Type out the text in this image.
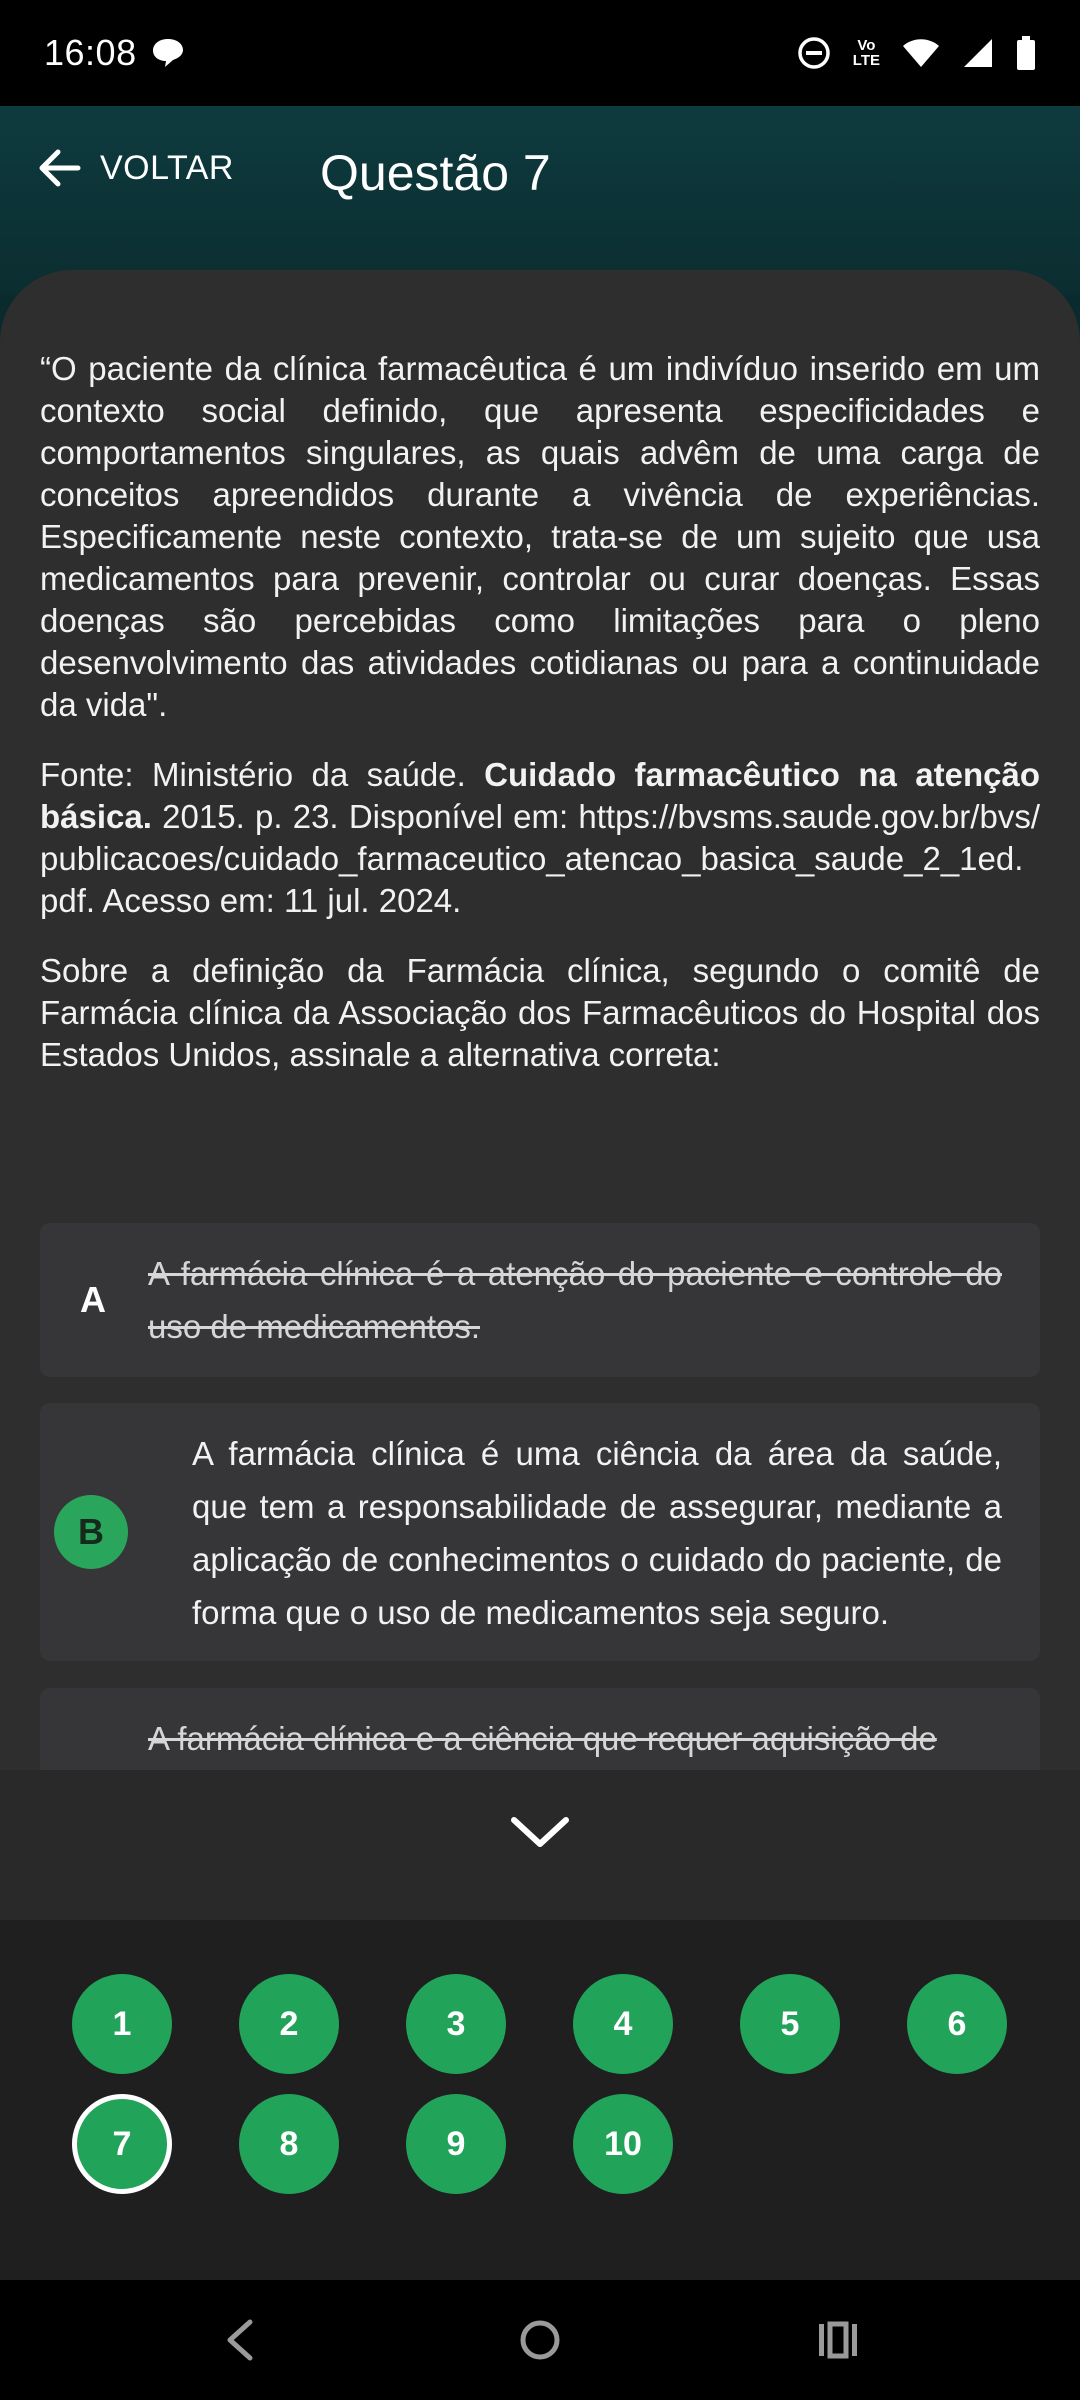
16:08	Vo
LTE
VOLTAR Questão 7

“O paciente da clínica farmacêutica é um indivíduo inserido em um contexto social definido, que apresenta especificidades e comportamentos singulares, as quais advêm de uma carga de conceitos apreendidos durante a vivência de experiências. Especificamente neste contexto, trata-se de um sujeito que usa medicamentos para prevenir, controlar ou curar doenças. Essas doenças são percebidas como limitações para o pleno desenvolvimento das atividades cotidianas ou para a continuidade da vida".

Fonte: Ministério da saúde. Cuidado farmacêutico na atenção básica. 2015. p. 23. Disponível em: https://bvsms.saude.gov.br/bvs/publicacoes/cuidado_farmaceutico_atencao_basica_saude_2_1ed.pdf. Acesso em: 11 jul. 2024.

Sobre a definição da Farmácia clínica, segundo o comitê de Farmácia clínica da Associação dos Farmacêuticos do Hospital dos Estados Unidos, assinale a alternativa correta:

A
A farmácia clínica é a atenção do paciente e controle do uso de medicamentos.
B
A farmácia clínica é uma ciência da área da saúde, que tem a responsabilidade de assegurar, mediante a aplicação de conhecimentos o cuidado do paciente, de forma que o uso de medicamentos seja seguro.
A farmácia clínica e a ciência que requer aquisição de
1	2	3	4	5	6
7	8	9	10
